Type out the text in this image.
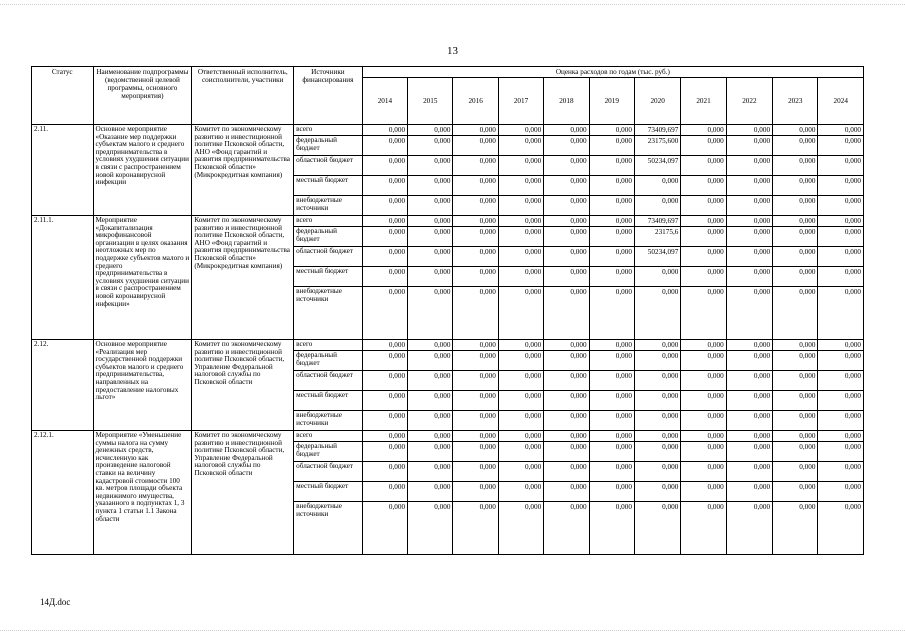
13
Статус	Наименование подпрограммы (ведомственной целевой программы, основного мероприятия)	Ответственный исполнитель, соисполнители, участники	Источники финансирования	Оценка расходов по годам (тыс. руб.)										
				2014	2015	2016	2017	2018	2019	2020	2021	2022	2023	2024
2.11.	Основное мероприятие «Оказание мер поддержки субъектам малого и среднего предпринимательства в условиях ухудшения ситуации в связи с распространением новой коронавирусной инфекции	Комитет по экономическому развитию и инвестиционной политике Псковской области, АНО «Фонд гарантий и развития предпринимательства Псковской области» (Микрокредитная компания)	всего	0,000	0,000	0,000	0,000	0,000	0,000	73409,697	0,000	0,000	0,000	0,000
			федеральный бюджет	0,000	0,000	0,000	0,000	0,000	0,000	23175,600	0,000	0,000	0,000	0,000
			областной бюджет	0,000	0,000	0,000	0,000	0,000	0,000	50234,097	0,000	0,000	0,000	0,000
			местный бюджет	0,000	0,000	0,000	0,000	0,000	0,000	0,000	0,000	0,000	0,000	0,000
			внебюджетные источники	0,000	0,000	0,000	0,000	0,000	0,000	0,000	0,000	0,000	0,000	0,000
2.11.1.	Мероприятие «Докапитализация микрофинансовой организации в целях оказания неотложных мер по поддержке субъектов малого и среднего предпринимательства в условиях ухудшения ситуации в связи с распространением новой коронавирусной инфекции»	Комитет по экономическому развитию и инвестиционной политике Псковской области, АНО «Фонд гарантий и развития предпринимательства Псковской области» (Микрокредитная компания)	всего	0,000	0,000	0,000	0,000	0,000	0,000	73409,697	0,000	0,000	0,000	0,000
			федеральный бюджет	0,000	0,000	0,000	0,000	0,000	0,000	23175,6	0,000	0,000	0,000	0,000
			областной бюджет	0,000	0,000	0,000	0,000	0,000	0,000	50234,097	0,000	0,000	0,000	0,000
			местный бюджет	0,000	0,000	0,000	0,000	0,000	0,000	0,000	0,000	0,000	0,000	0,000
			внебюджетные источники	0,000	0,000	0,000	0,000	0,000	0,000	0,000	0,000	0,000	0,000	0,000
2.12.	Основное мероприятие «Реализация мер государственной поддержки субъектов малого и среднего предпринимательства, направленных на предоставление налоговых льгот»	Комитет по экономическому развитию и инвестиционной политике Псковской области, Управление Федеральной налоговой службы по Псковской области	всего	0,000	0,000	0,000	0,000	0,000	0,000	0,000	0,000	0,000	0,000	0,000
			федеральный бюджет	0,000	0,000	0,000	0,000	0,000	0,000	0,000	0,000	0,000	0,000	0,000
			областной бюджет	0,000	0,000	0,000	0,000	0,000	0,000	0,000	0,000	0,000	0,000	0,000
			местный бюджет	0,000	0,000	0,000	0,000	0,000	0,000	0,000	0,000	0,000	0,000	0,000
			внебюджетные источники	0,000	0,000	0,000	0,000	0,000	0,000	0,000	0,000	0,000	0,000	0,000
2.12.1.	Мероприятие «Уменьшение суммы налога на сумму денежных средств, исчисленную как произведение налоговой ставки на величину кадастровой стоимости 100 кв. метров площади объекта недвижимого имущества, указанного в подпунктах 1, 3 пункта 1 статьи 1.1 Закона области	Комитет по экономическому развитию и инвестиционной политике Псковской области, Управление Федеральной налоговой службы по Псковской области	всего	0,000	0,000	0,000	0,000	0,000	0,000	0,000	0,000	0,000	0,000	0,000
			федеральный бюджет	0,000	0,000	0,000	0,000	0,000	0,000	0,000	0,000	0,000	0,000	0,000
			областной бюджет	0,000	0,000	0,000	0,000	0,000	0,000	0,000	0,000	0,000	0,000	0,000
			местный бюджет	0,000	0,000	0,000	0,000	0,000	0,000	0,000	0,000	0,000	0,000	0,000
			внебюджетные источники	0,000	0,000	0,000	0,000	0,000	0,000	0,000	0,000	0,000	0,000	0,000
14Д.doc
